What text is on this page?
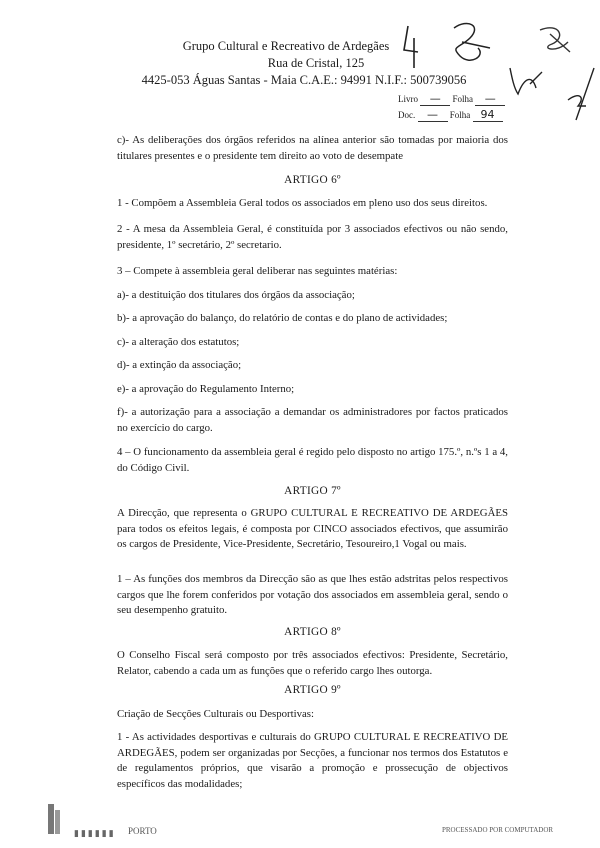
Grupo Cultural e Recreativo de Ardegães
Rua de Cristal, 125
4425-053 Águas Santas - Maia C.A.E.: 94991 N.I.F.: 500739056
Livro — Folha —
Doc. — Folha 94
c)- As deliberações dos órgãos referidos na alínea anterior são tomadas por maioria dos titulares presentes e o presidente tem direito ao voto de desempate
ARTIGO 6º
1 - Compõem a Assembleia Geral todos os associados em pleno uso dos seus direitos.
2 - A mesa da Assembleia Geral, é constituída por 3 associados efectivos ou não sendo, presidente, 1º secretário, 2º secretario.
3 – Compete à assembleia geral deliberar nas seguintes matérias:
a)- a destituição dos titulares dos órgãos da associação;
b)- a aprovação do balanço, do relatório de contas e do plano de actividades;
c)- a alteração dos estatutos;
d)- a extinção da associação;
e)- a aprovação do Regulamento Interno;
f)- a autorização para a associação a demandar os administradores por factos praticados no exercício do cargo.
4 – O funcionamento da assembleia geral é regido pelo disposto no artigo 175.º, n.ºs 1 a 4, do Código Civil.
ARTIGO 7º
A Direcção, que representa o GRUPO CULTURAL E RECREATIVO DE ARDEGÃES para todos os efeitos legais, é composta por CINCO associados efectivos, que assumirão os cargos de Presidente, Vice-Presidente, Secretário, Tesoureiro,1 Vogal ou mais.
1 – As funções dos membros da Direcção são as que lhes estão adstritas pelos respectivos cargos que lhe forem conferidos por votação dos associados em assembleia geral, sendo o seu desempenho gratuito.
ARTIGO 8º
O Conselho Fiscal será composto por três associados efectivos: Presidente, Secretário, Relator, cabendo a cada um as funções que o referido cargo lhes outorga.
ARTIGO 9º
Criação de Secções Culturais ou Desportivas:
1 - As actividades desportivas e culturais do GRUPO CULTURAL E RECREATIVO DE ARDEGÃES, podem ser organizadas por Secções, a funcionar nos termos dos Estatutos e de regulamentos próprios, que visarão a promoção e prossecução de objectivos específicos das modalidades;
▮▮▮▮▮▮ PORTO	PROCESSADO POR COMPUTADOR
